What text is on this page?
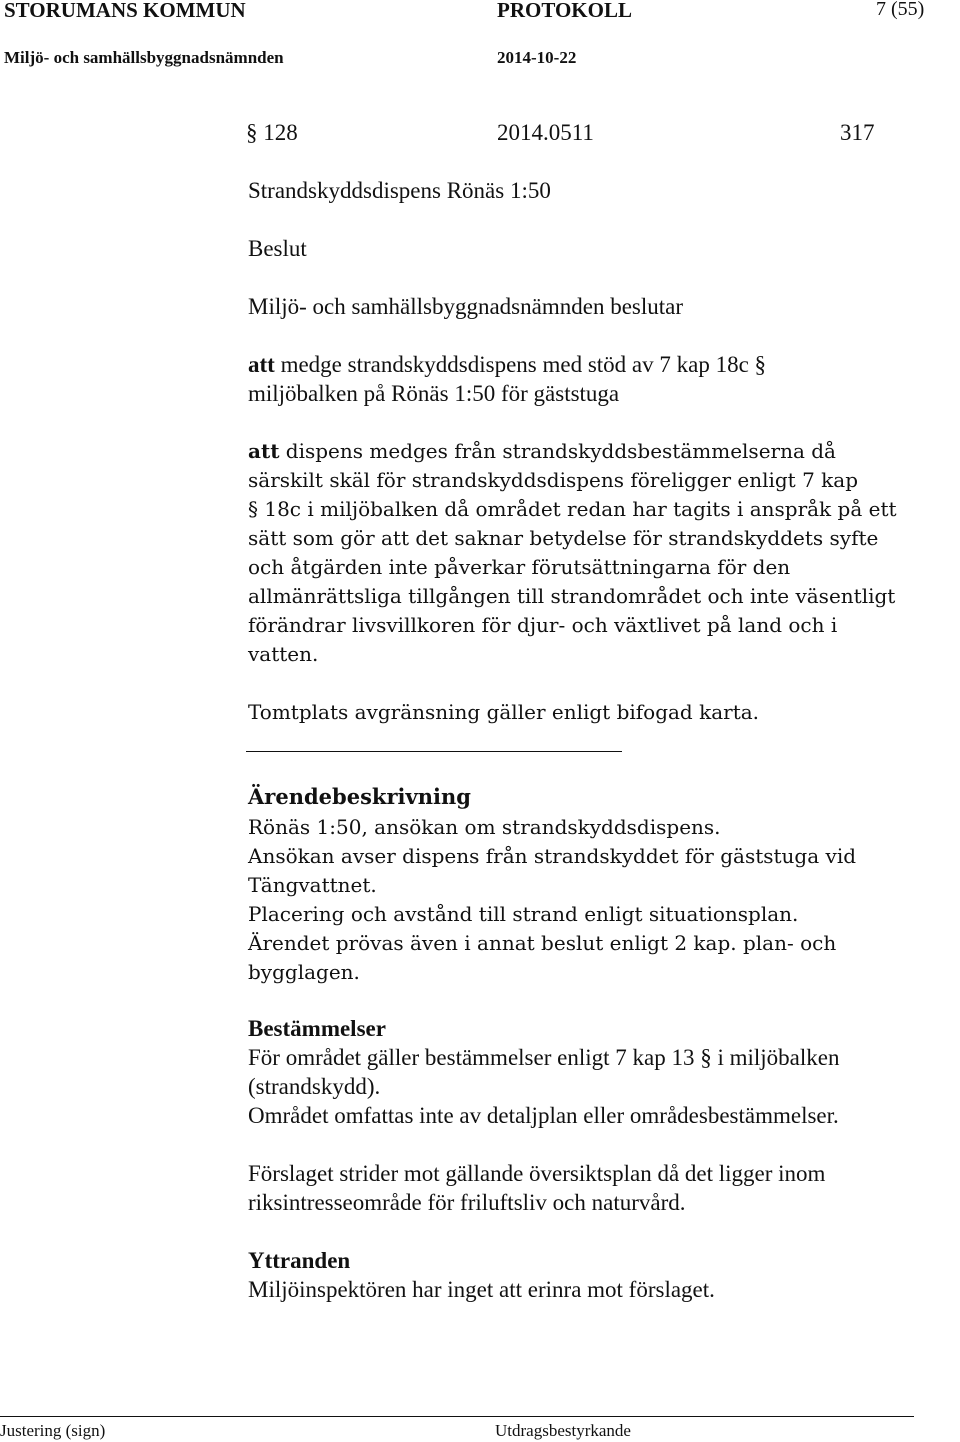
STORUMANS KOMMUN	PROTOKOLL	7 (55)
Miljö- och samhällsbyggnadsnämnden	2014-10-22
§ 128	2014.0511	317
Strandskyddsdispens Rönäs 1:50
Beslut
Miljö- och samhällsbyggnadsnämnden beslutar
att medge strandskyddsdispens med stöd av 7 kap 18c §
miljöbalken på Rönäs 1:50 för gäststuga
att dispens medges från strandskyddsbestämmelserna då
särskilt skäl för strandskyddsdispens föreligger enligt 7 kap
§ 18c i miljöbalken då området redan har tagits i anspråk på ett
sätt som gör att det saknar betydelse för strandskyddets syfte
och åtgärden inte påverkar förutsättningarna för den
allmänrättsliga tillgången till strandområdet och inte väsentligt
förändrar livsvillkoren för djur- och växtlivet på land och i
vatten.
Tomtplats avgränsning gäller enligt bifogad karta.
Ärendebeskrivning
Rönäs 1:50, ansökan om strandskyddsdispens.
Ansökan avser dispens från strandskyddet för gäststuga vid
Tängvattnet.
Placering och avstånd till strand enligt situationsplan.
Ärendet prövas även i annat beslut enligt 2 kap. plan- och
bygglagen.
Bestämmelser
För området gäller bestämmelser enligt 7 kap 13 § i miljöbalken
(strandskydd).
Området omfattas inte av detaljplan eller områdesbestämmelser.
Förslaget strider mot gällande översiktsplan då det ligger inom
riksintresseområde för friluftsliv och naturvård.
Yttranden
Miljöinspektören har inget att erinra mot förslaget.
Justering (sign)	Utdragsbestyrkande
